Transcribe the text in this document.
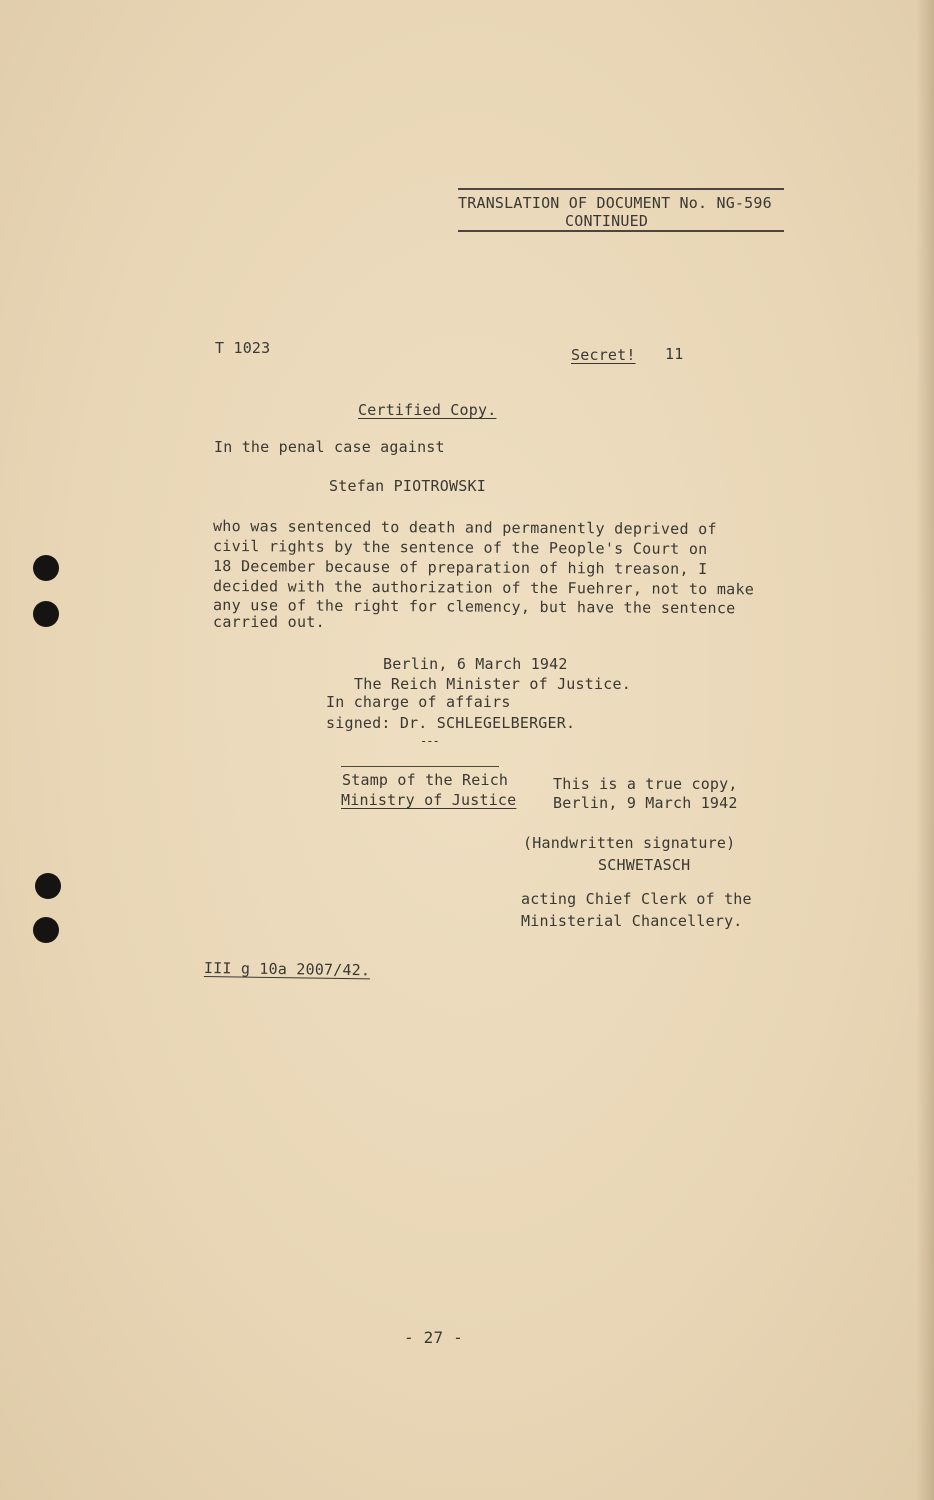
TRANSLATION OF DOCUMENT No. NG-596
CONTINUED
T 1023	Secret! 11
Certified Copy.
In the penal case against
Stefan PIOTROWSKI
who was sentenced to death and permanently deprived of
civil rights by the sentence of the People's Court on
18 December because of preparation of high treason, I
decided with the authorization of the Fuehrer, not to make
any use of the right for clemency, but have the sentence
carried out.
Berlin, 6 March 1942
The Reich Minister of Justice.
In charge of affairs
signed: Dr. SCHLEGELBERGER.
---
Stamp of the Reich
Ministry of Justice
This is a true copy,
Berlin, 9 March 1942
(Handwritten signature)
SCHWETASCH
acting Chief Clerk of the
Ministerial Chancellery.
III g 10a 2007/42.
- 27 -
